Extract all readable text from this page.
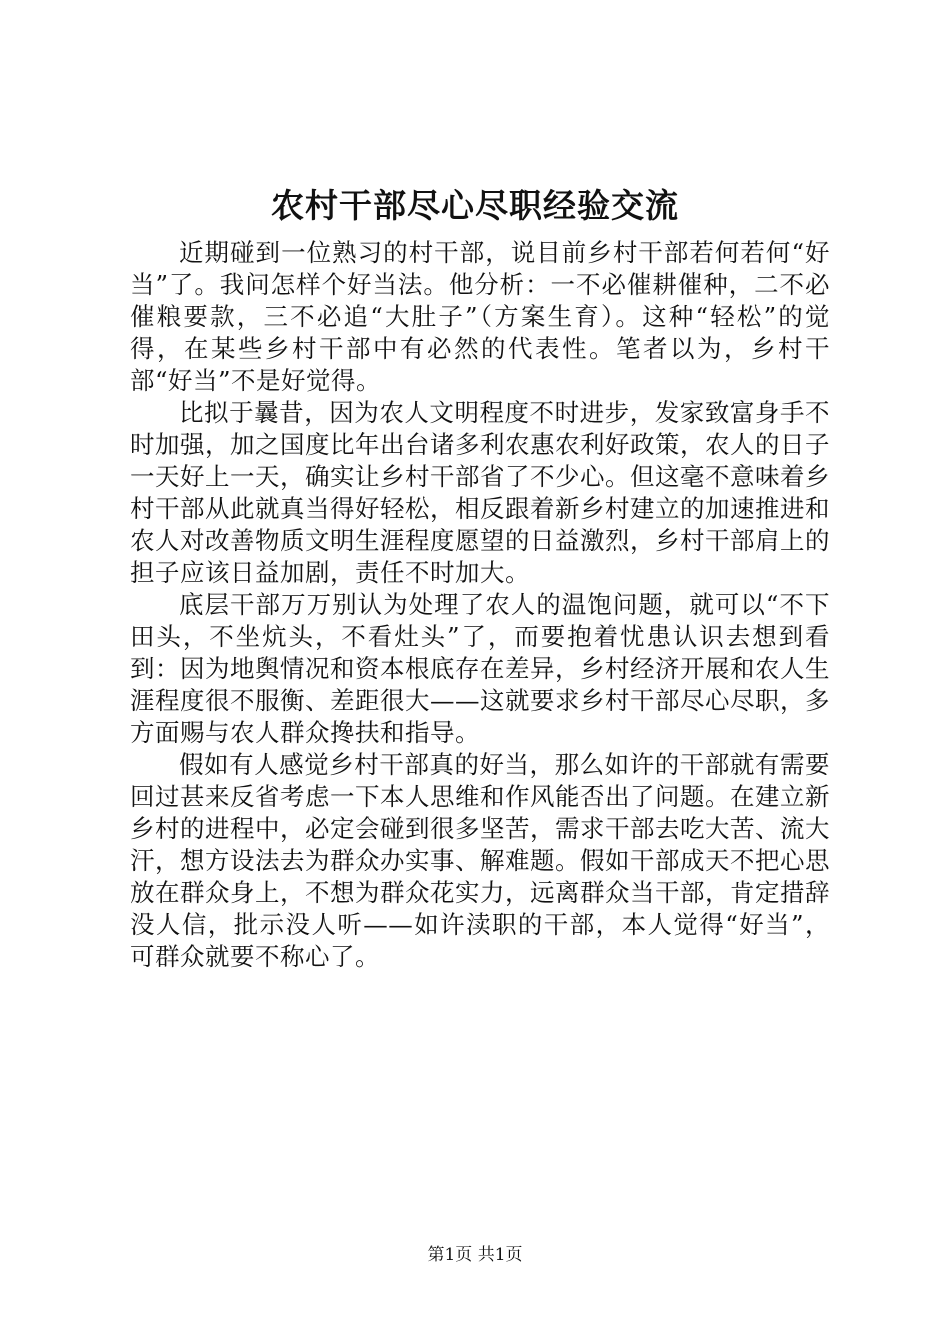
农村干部尽心尽职经验交流

近期碰到一位熟习的村干部，说目前乡村干部若何若何“好当”了。我问怎样个好当法。他分析：一不必催耕催种，二不必催粮要款，三不必追“大肚子”（方案生育）。这种“轻松”的觉得，在某些乡村干部中有必然的代表性。笔者以为，乡村干部“好当”不是好觉得。

比拟于曩昔，因为农人文明程度不时进步，发家致富身手不时加强，加之国度比年出台诸多利农惠农利好政策，农人的日子一天好上一天，确实让乡村干部省了不少心。但这毫不意味着乡村干部从此就真当得好轻松，相反跟着新乡村建立的加速推进和农人对改善物质文明生涯程度愿望的日益激烈，乡村干部肩上的担子应该日益加剧，责任不时加大。

底层干部万万别认为处理了农人的温饱问题，就可以“不下田头，不坐炕头，不看灶头”了，而要抱着忧患认识去想到看到：因为地舆情况和资本根底存在差异，乡村经济开展和农人生涯程度很不服衡、差距很大——这就要求乡村干部尽心尽职，多方面赐与农人群众搀扶和指导。

假如有人感觉乡村干部真的好当，那么如许的干部就有需要回过甚来反省考虑一下本人思维和作风能否出了问题。在建立新乡村的进程中，必定会碰到很多坚苦，需求干部去吃大苦、流大汗，想方设法去为群众办实事、解难题。假如干部成天不把心思放在群众身上，不想为群众花实力，远离群众当干部，肯定措辞没人信，批示没人听——如许渎职的干部，本人觉得“好当”，可群众就要不称心了。

第1页 共1页
